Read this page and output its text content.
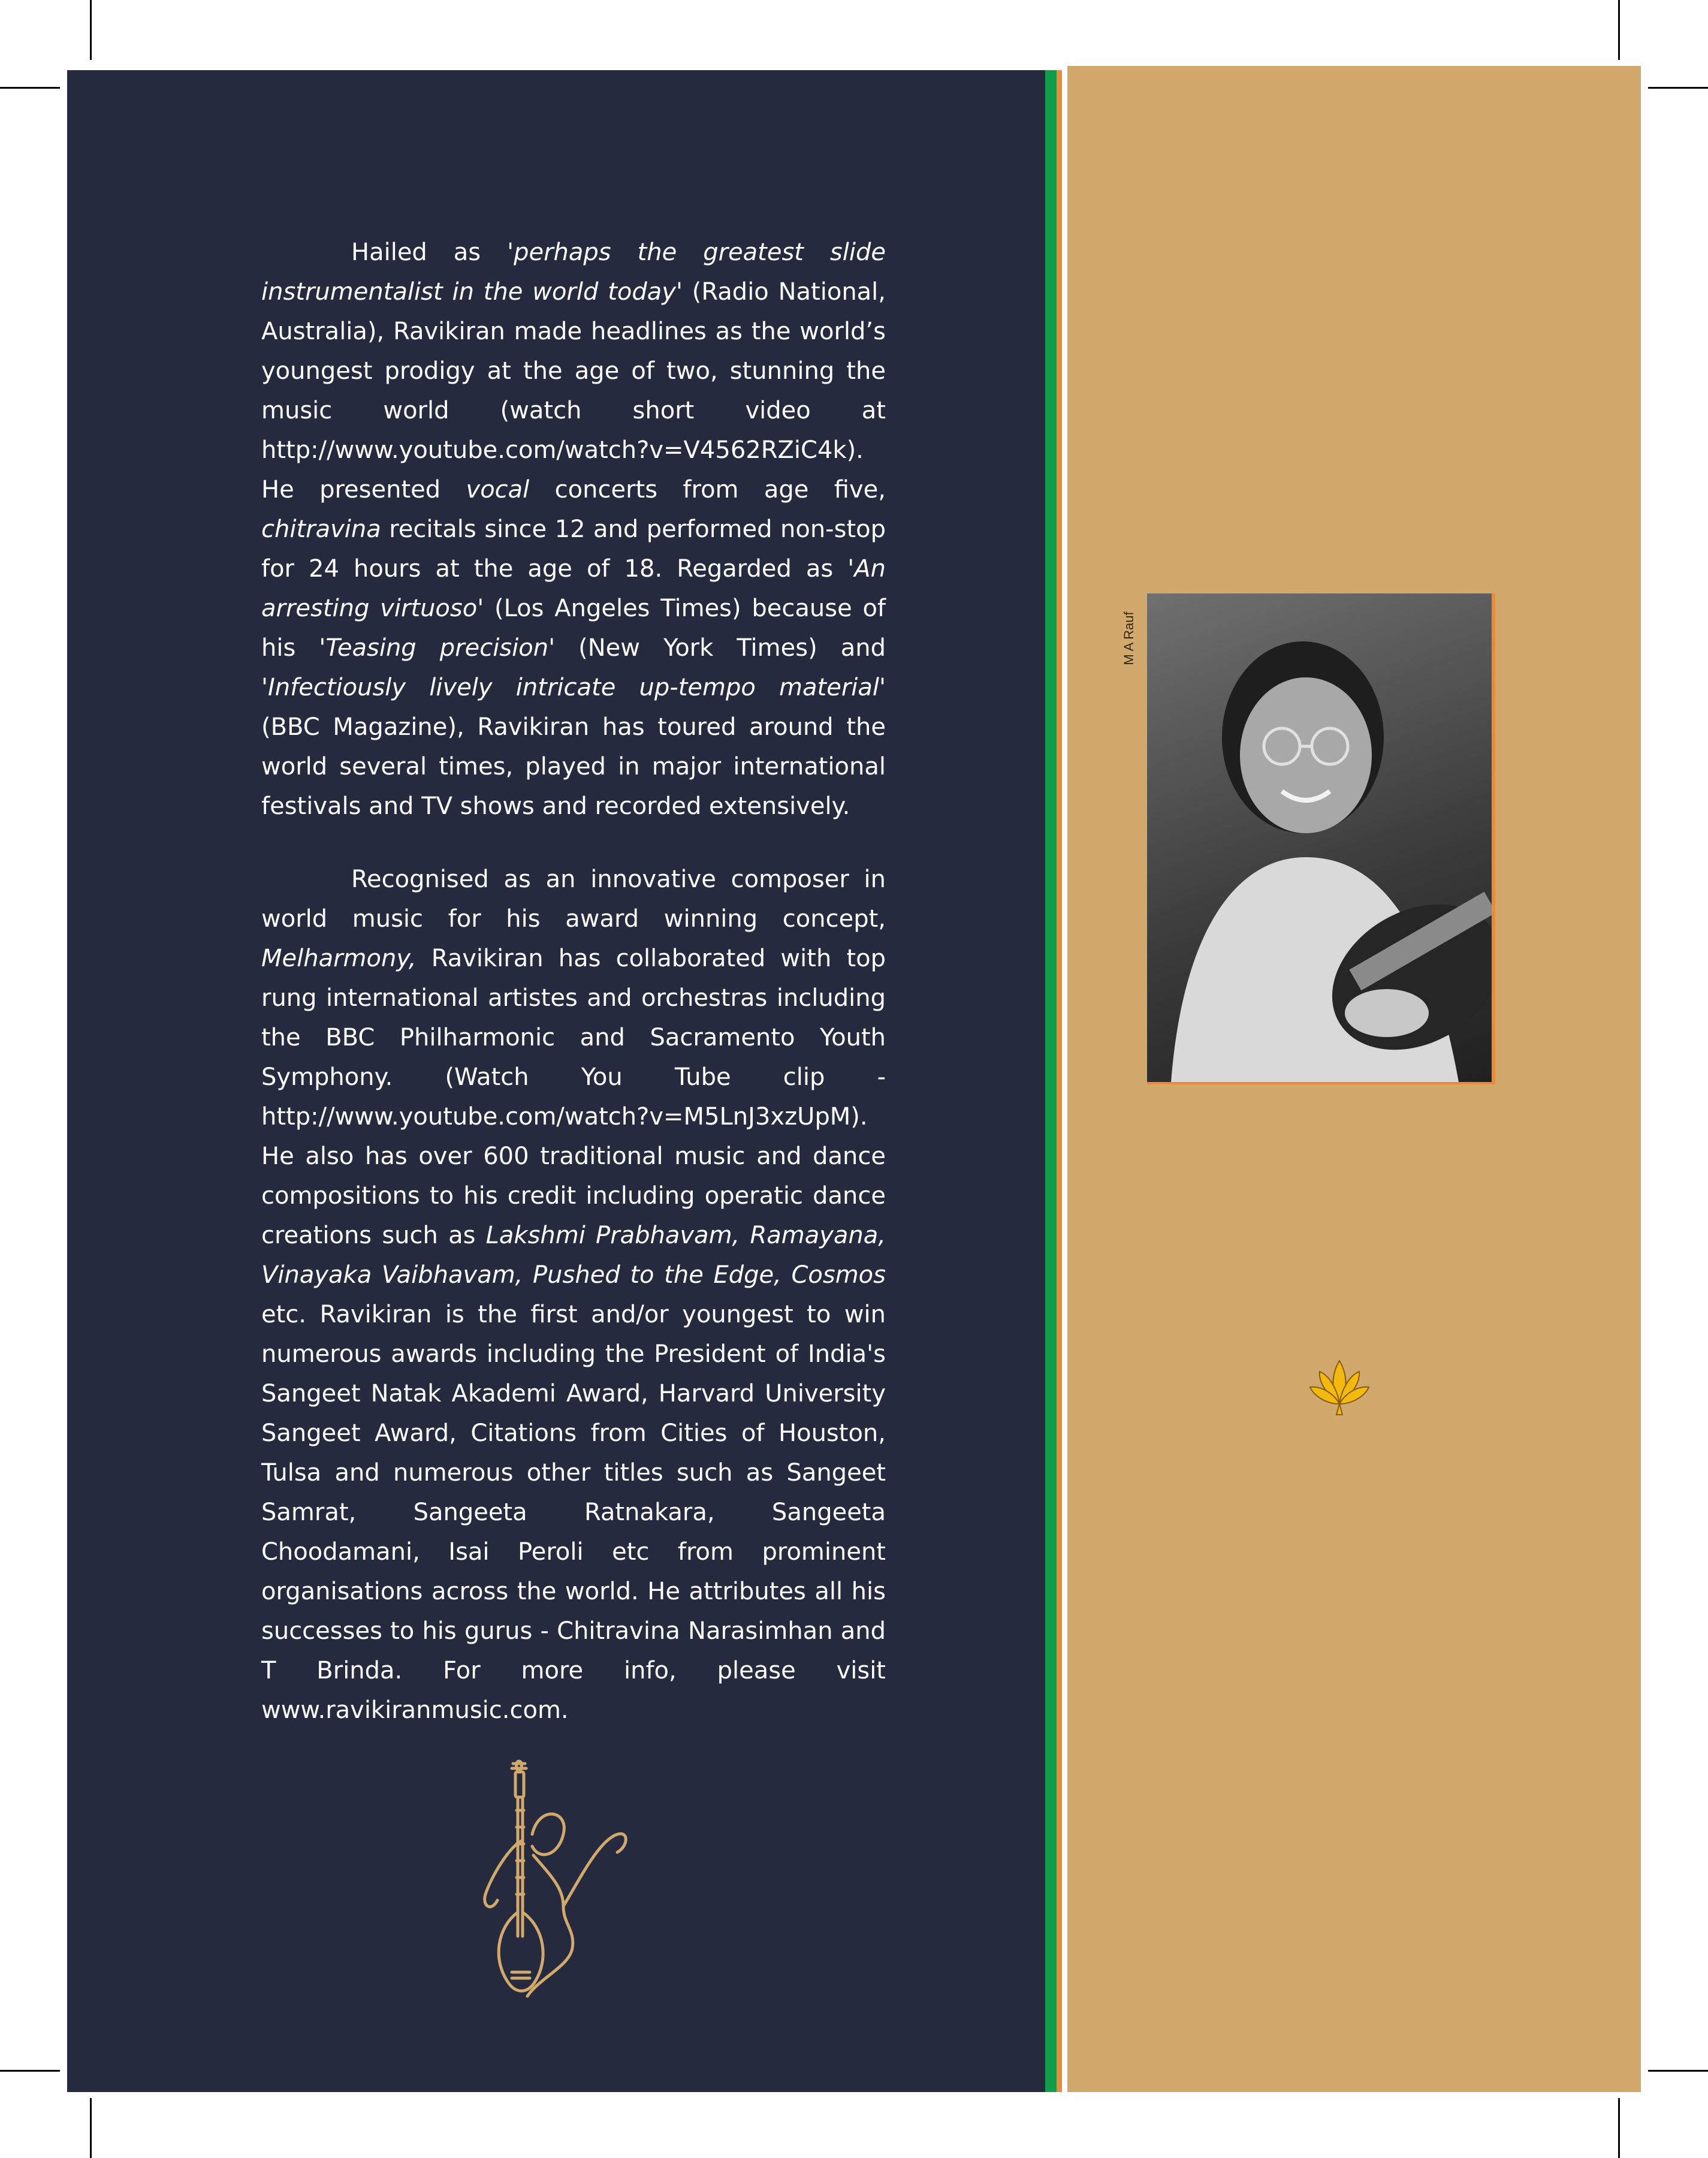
Hailed as 'perhaps the greatest slide instrumentalist in the world today' (Radio National, Australia), Ravikiran made headlines as the world’s youngest prodigy at the age of two, stunning the music world (watch short video at http://www.youtube.com/watch?v=V4562RZiC4k). He presented vocal concerts from age five, chitravina recitals since 12 and performed non-stop for 24 hours at the age of 18. Regarded as 'An arresting virtuoso' (Los Angeles Times) because of his 'Teasing precision' (New York Times) and 'Infectiously lively intricate up-tempo material' (BBC Magazine), Ravikiran has toured around the world several times, played in major international festivals and TV shows and recorded extensively.

Recognised as an innovative composer in world music for his award winning concept, Melharmony, Ravikiran has collaborated with top rung international artistes and orchestras including the BBC Philharmonic and Sacramento Youth Symphony. (Watch You Tube clip - http://www.youtube.com/watch?v=M5LnJ3xzUpM). He also has over 600 traditional music and dance compositions to his credit including operatic dance creations such as Lakshmi Prabhavam, Ramayana, Vinayaka Vaibhavam, Pushed to the Edge, Cosmos etc. Ravikiran is the first and/or youngest to win numerous awards including the President of India's Sangeet Natak Akademi Award, Harvard University Sangeet Award, Citations from Cities of Houston, Tulsa and numerous other titles such as Sangeet Samrat, Sangeeta Ratnakara, Sangeeta Choodamani, Isai Peroli etc from prominent organisations across the world. He attributes all his successes to his gurus - Chitravina Narasimhan and T Brinda. For more info, please visit www.ravikiranmusic.com.

M A Rauf
